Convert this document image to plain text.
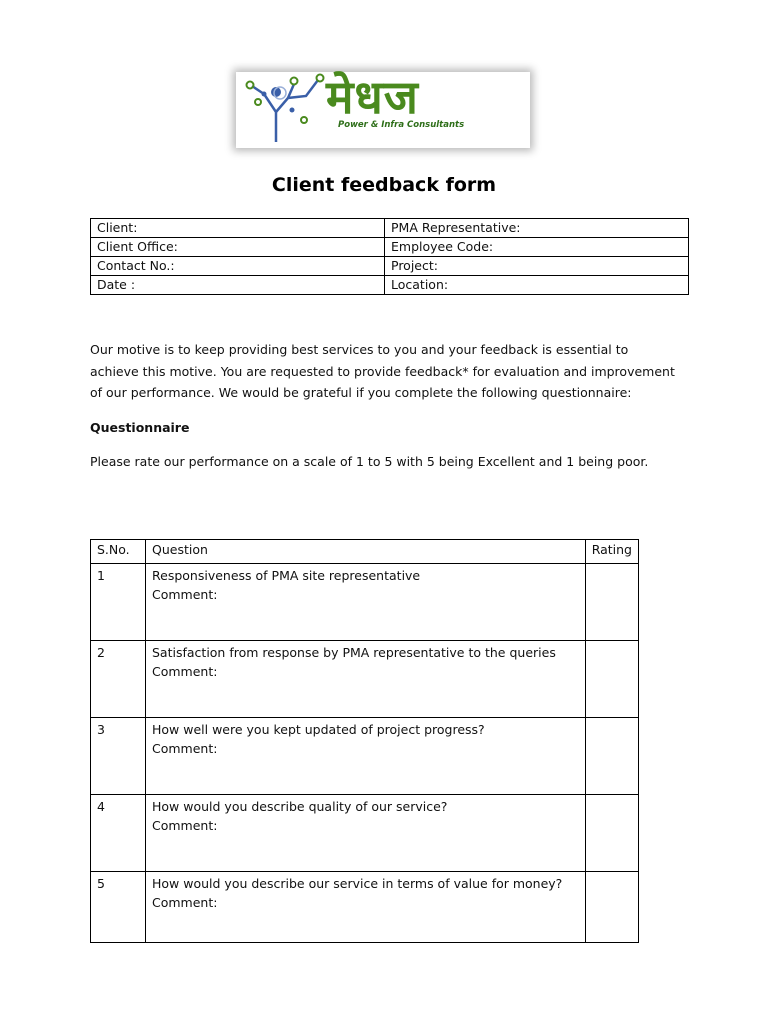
मेधज
Power & Infra Consultants
Client feedback form
Client:	PMA Representative:
Client Office:	Employee Code:
Contact No.:	Project:
Date :	Location:
Our motive is to keep providing best services to you and your feedback is essential to achieve this motive. You are requested to provide feedback* for evaluation and improvement of our performance. We would be grateful if you complete the following questionnaire:
Questionnaire
Please rate our performance on a scale of 1 to 5 with 5 being Excellent and 1 being poor.
S.No.	Question	Rating
1	Responsiveness of PMA site representative
Comment:	

2	Satisfaction from response by PMA representative to the queries
Comment:	

3	How well were you kept updated of project progress?
Comment:	

4	How would you describe quality of our service?
Comment:	

5	How would you describe our service in terms of value for money?
Comment:	
